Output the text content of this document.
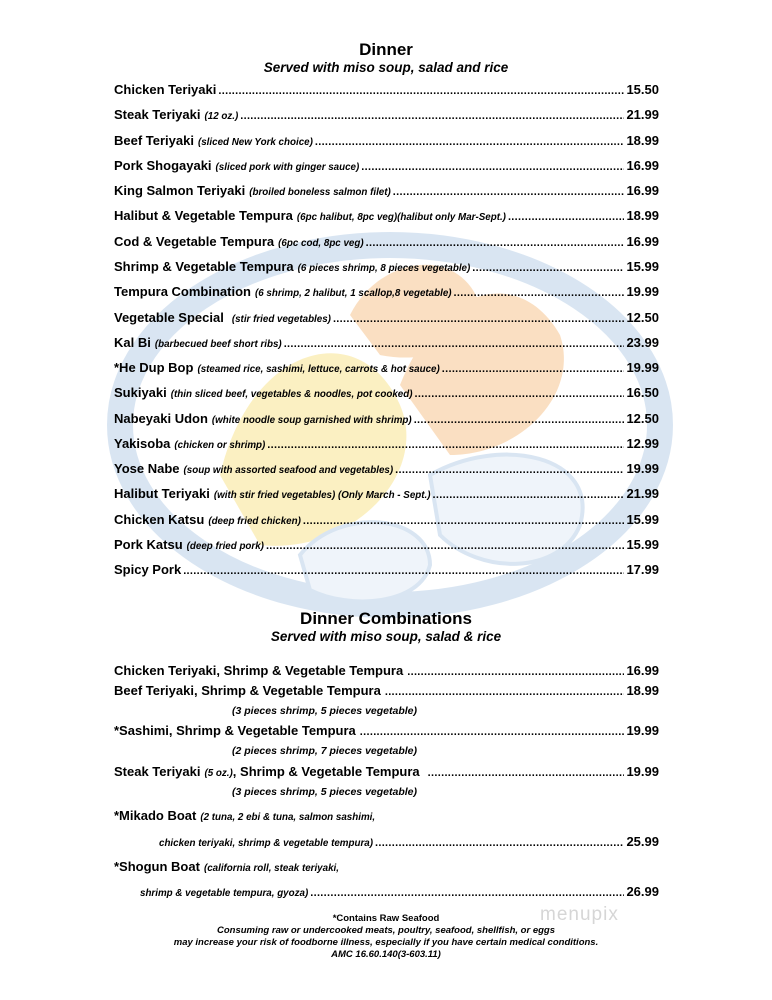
Dinner
Served with miso soup, salad and rice
Chicken Teriyaki .....	15.50
Steak Teriyaki (12 oz.) .....	21.99
Beef Teriyaki (sliced New York choice) .....	18.99
Pork Shogayaki (sliced pork with ginger sauce) .....	16.99
King Salmon Teriyaki (broiled boneless salmon filet) .....	16.99
Halibut & Vegetable Tempura (6pc halibut, 8pc veg)(halibut only Mar-Sept.) .....	18.99
Cod & Vegetable Tempura (6pc cod, 8pc veg) .....	16.99
Shrimp & Vegetable Tempura (6 pieces shrimp, 8 pieces vegetable) .....	15.99
Tempura Combination (6 shrimp, 2 halibut, 1 scallop,8 vegetable) .....	19.99
Vegetable Special (stir fried vegetables) .....	12.50
Kal Bi (barbecued beef short ribs) .....	23.99
*He Dup Bop (steamed rice, sashimi, lettuce, carrots & hot sauce) .....	19.99
Sukiyaki (thin sliced beef, vegetables & noodles, pot cooked) .....	16.50
Nabeyaki Udon (white noodle soup garnished with shrimp) .....	12.50
Yakisoba (chicken or shrimp) .....	12.99
Yose Nabe (soup with assorted seafood and vegetables) .....	19.99
Halibut Teriyaki (with stir fried vegetables) (Only March - Sept.) .....	21.99
Chicken Katsu (deep fried chicken) .....	15.99
Pork Katsu (deep fried pork) .....	15.99
Spicy Pork .....	17.99
Dinner Combinations
Served with miso soup, salad & rice
Chicken Teriyaki, Shrimp & Vegetable Tempura .....	16.99
Beef Teriyaki, Shrimp & Vegetable Tempura .....	18.99
(3 pieces shrimp, 5 pieces vegetable)
*Sashimi, Shrimp & Vegetable Tempura .....	19.99
(2 pieces shrimp, 7 pieces vegetable)
Steak Teriyaki (5 oz.) , Shrimp & Vegetable Tempura .....	19.99
(3 pieces shrimp, 5 pieces vegetable)
*Mikado Boat (2 tuna, 2 ebi & tuna, salmon sashimi,
chicken teriyaki, shrimp & vegetable tempura) .....	25.99
*Shogun Boat (california roll, steak teriyaki,
shrimp & vegetable tempura, gyoza) .....	26.99
*Contains Raw Seafood
Consuming raw or undercooked meats, poultry, seafood, shellfish, or eggs
may increase your risk of foodborne illness, especially if you have certain medical conditions.
AMC 16.60.140(3-603.11)
menupix
